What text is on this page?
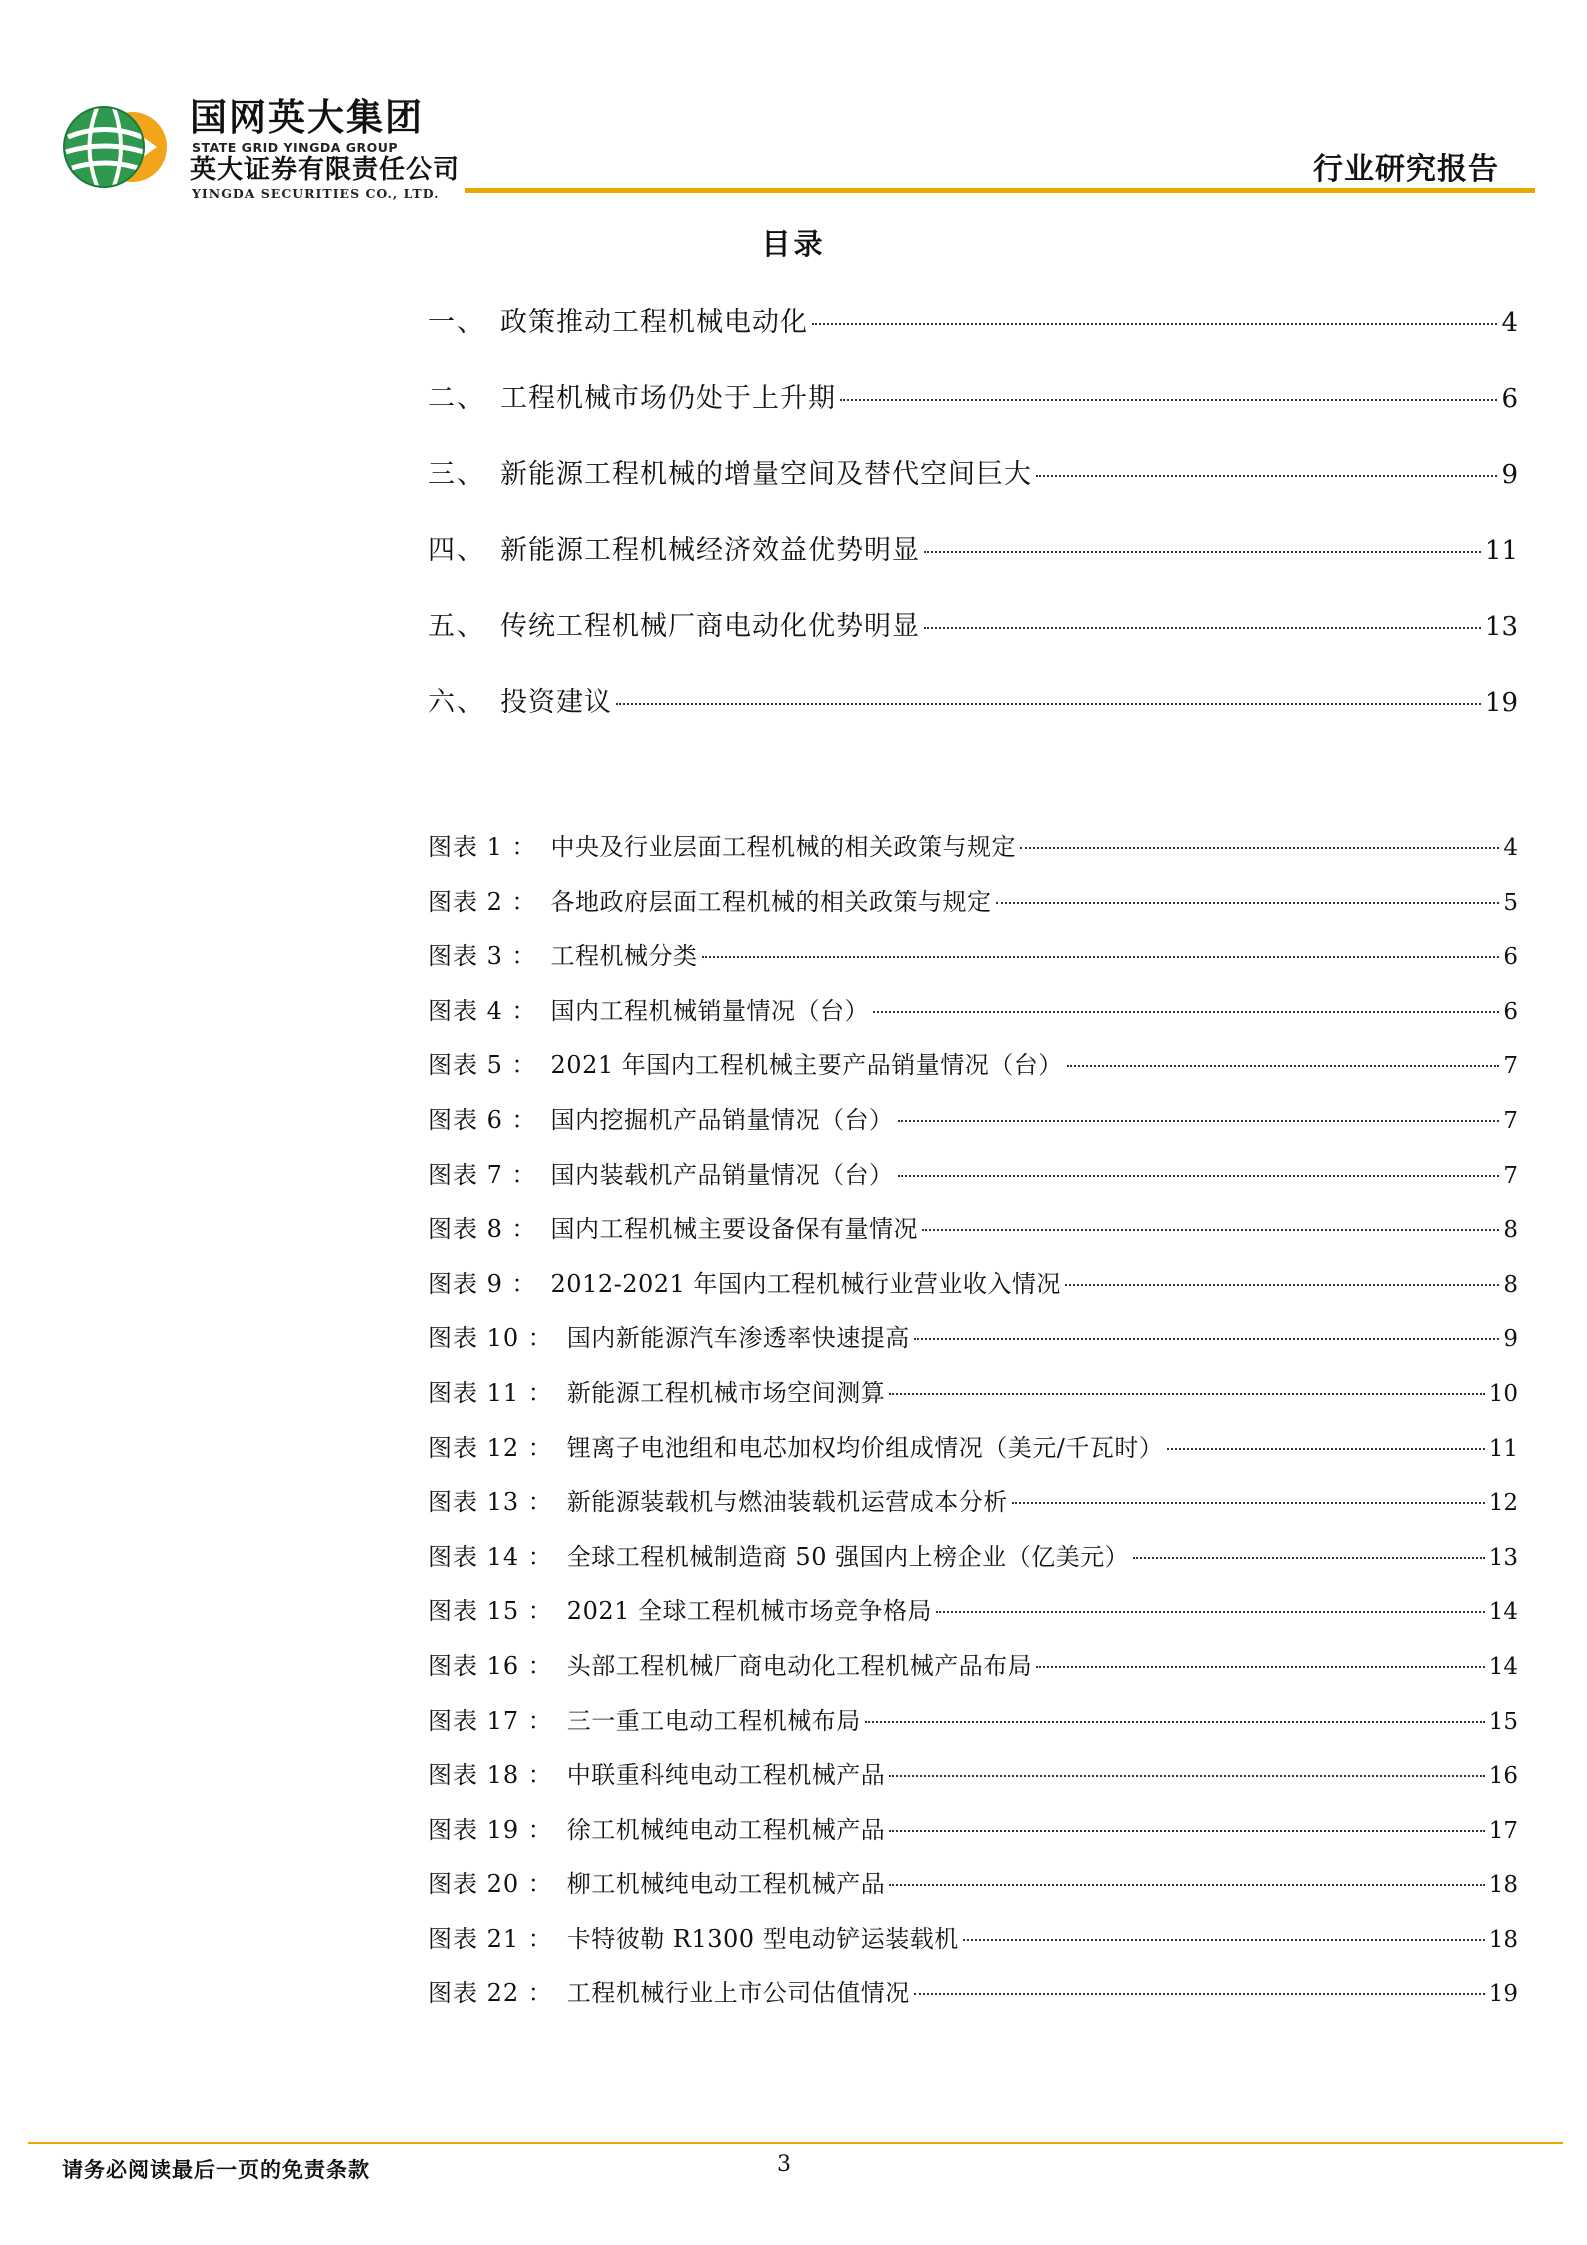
国网英大集团
STATE GRID YINGDA GROUP
英大证券有限责任公司
YINGDA SECURITIES CO., LTD.
行业研究报告
目录
一、 政策推动工程机械电动化	4
二、 工程机械市场仍处于上升期	6
三、 新能源工程机械的增量空间及替代空间巨大	9
四、 新能源工程机械经济效益优势明显	11
五、 传统工程机械厂商电动化优势明显	13
六、 投资建议	19
图表 1 ： 中央及行业层面工程机械的相关政策与规定	4
图表 2 ： 各地政府层面工程机械的相关政策与规定	5
图表 3 ： 工程机械分类	6
图表 4 ： 国内工程机械销量情况（台）	6
图表 5 ： 2021 年国内工程机械主要产品销量情况（台）	7
图表 6 ： 国内挖掘机产品销量情况（台）	7
图表 7 ： 国内装载机产品销量情况（台）	7
图表 8 ： 国内工程机械主要设备保有量情况	8
图表 9 ： 2012-2021 年国内工程机械行业营业收入情况	8
图表 10 ： 国内新能源汽车渗透率快速提高	9
图表 11 ： 新能源工程机械市场空间测算	10
图表 12 ： 锂离子电池组和电芯加权均价组成情况（美元/千瓦时）	11
图表 13 ： 新能源装载机与燃油装载机运营成本分析	12
图表 14 ： 全球工程机械制造商 50 强国内上榜企业（亿美元）	13
图表 15 ： 2021 全球工程机械市场竞争格局	14
图表 16 ： 头部工程机械厂商电动化工程机械产品布局	14
图表 17 ： 三一重工电动工程机械布局	15
图表 18 ： 中联重科纯电动工程机械产品	16
图表 19 ： 徐工机械纯电动工程机械产品	17
图表 20 ： 柳工机械纯电动工程机械产品	18
图表 21 ： 卡特彼勒 R1300 型电动铲运装载机	18
图表 22 ： 工程机械行业上市公司估值情况	19
请务必阅读最后一页的免责条款	3
